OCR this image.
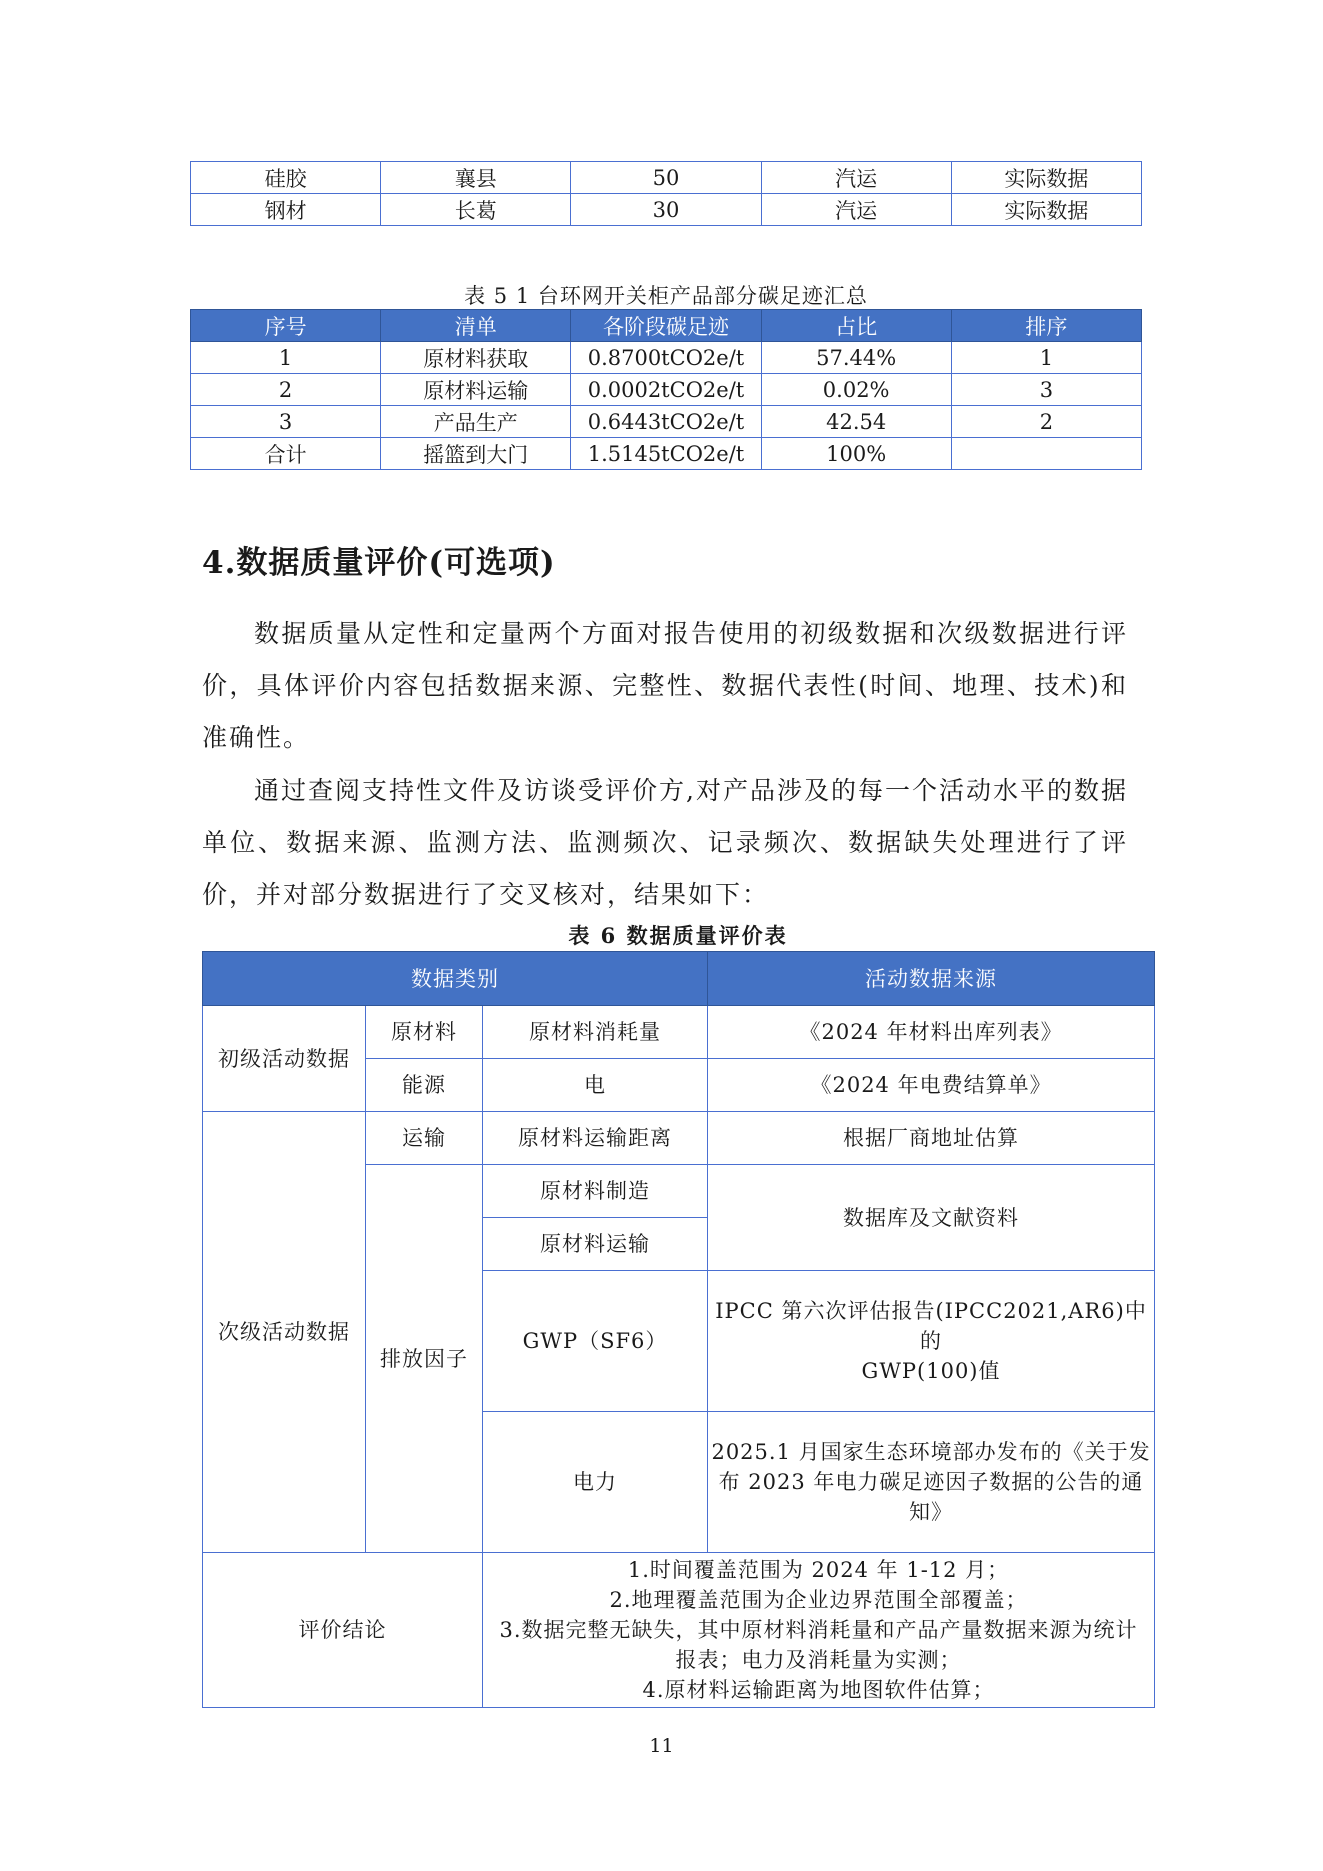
硅胶	襄县	50	汽运	实际数据
钢材	长葛	30	汽运	实际数据
表 5 1 台环网开关柜产品部分碳足迹汇总
序号	清单	各阶段碳足迹	占比	排序
1	原材料获取	0.8700tCO2e/t	57.44%	1
2	原材料运输	0.0002tCO2e/t	0.02%	3
3	产品生产	0.6443tCO2e/t	42.54	2
合计	摇篮到大门	1.5145tCO2e/t	100%	
4.数据质量评价(可选项)

数据质量从定性和定量两个方面对报告使用的初级数据和次级数据进行评价，具体评价内容包括数据来源、完整性、数据代表性(时间、地理、技术)和准确性。

通过查阅支持性文件及访谈受评价方,对产品涉及的每一个活动水平的数据单位、数据来源、监测方法、监测频次、记录频次、数据缺失处理进行了评价，并对部分数据进行了交叉核对，结果如下：

表 6 数据质量评价表
数据类别			活动数据来源
初级活动数据	原材料	原材料消耗量	《2024 年材料出库列表》
	能源	电	《2024 年电费结算单》
次级活动数据	运输	原材料运输距离	根据厂商地址估算
	排放因子	原材料制造	数据库及文献资料
		原材料运输	
		GWP（SF6）	IPCC 第六次评估报告(IPCC2021,AR6)中的
GWP(100)值

		电力	2025.1 月国家生态环境部办发布的《关于发
布 2023 年电力碳足迹因子数据的公告的通
知》

评价结论		1.时间覆盖范围为 2024 年 1-12 月；
2.地理覆盖范围为企业边界范围全部覆盖；
3.数据完整无缺失，其中原材料消耗量和产品产量数据来源为统计
报表；电力及消耗量为实测；
4.原材料运输距离为地图软件估算；	
11
